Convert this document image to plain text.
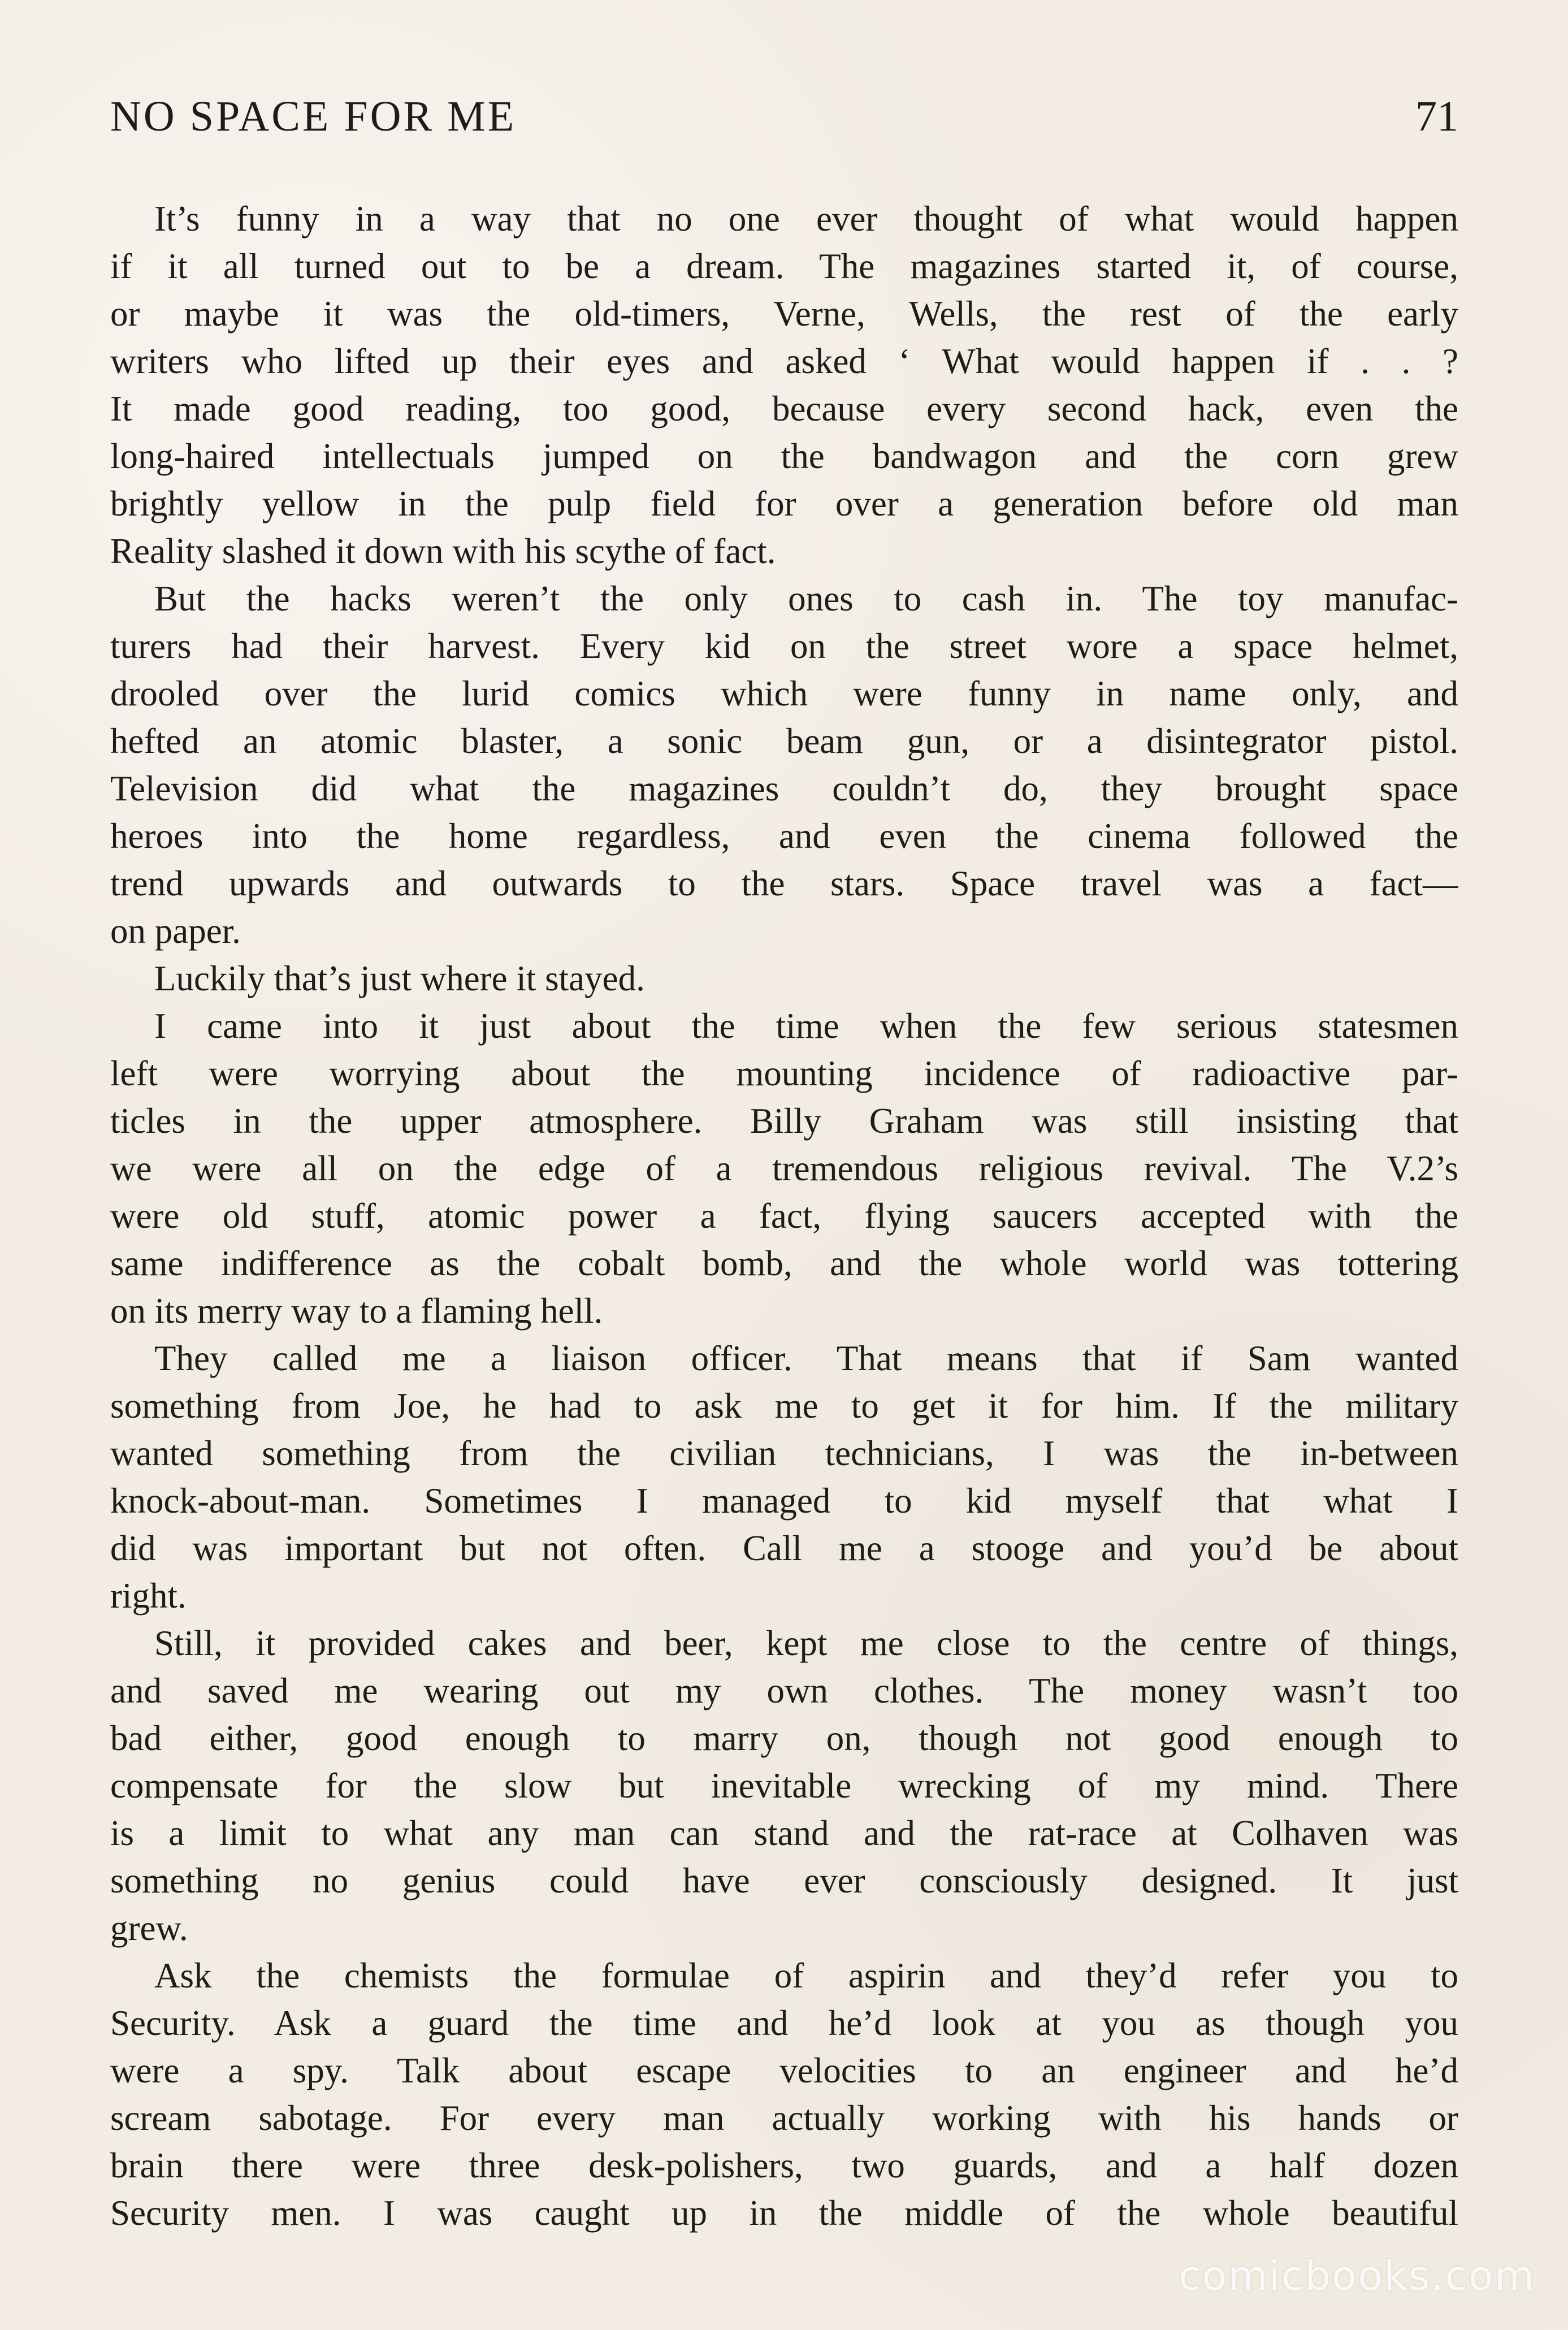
NO SPACE FOR ME	71
It’s funny in a way that no one ever thought of what would happen
if it all turned out to be a dream. The magazines started it, of course,
or maybe it was the old-timers, Verne, Wells, the rest of the early
writers who lifted up their eyes and asked ‘ What would happen if . . ?
It made good reading, too good, because every second hack, even the
long-haired intellectuals jumped on the bandwagon and the corn grew
brightly yellow in the pulp field for over a generation before old man
Reality slashed it down with his scythe of fact.
But the hacks weren’t the only ones to cash in. The toy manufac-
turers had their harvest. Every kid on the street wore a space helmet,
drooled over the lurid comics which were funny in name only, and
hefted an atomic blaster, a sonic beam gun, or a disintegrator pistol.
Television did what the magazines couldn’t do, they brought space
heroes into the home regardless, and even the cinema followed the
trend upwards and outwards to the stars. Space travel was a fact—
on paper.
Luckily that’s just where it stayed.
I came into it just about the time when the few serious statesmen
left were worrying about the mounting incidence of radioactive par-
ticles in the upper atmosphere. Billy Graham was still insisting that
we were all on the edge of a tremendous religious revival. The V.2’s
were old stuff, atomic power a fact, flying saucers accepted with the
same indifference as the cobalt bomb, and the whole world was tottering
on its merry way to a flaming hell.
They called me a liaison officer. That means that if Sam wanted
something from Joe, he had to ask me to get it for him. If the military
wanted something from the civilian technicians, I was the in-between
knock-about-man. Sometimes I managed to kid myself that what I
did was important but not often. Call me a stooge and you’d be about
right.
Still, it provided cakes and beer, kept me close to the centre of things,
and saved me wearing out my own clothes. The money wasn’t too
bad either, good enough to marry on, though not good enough to
compensate for the slow but inevitable wrecking of my mind. There
is a limit to what any man can stand and the rat-race at Colhaven was
something no genius could have ever consciously designed. It just
grew.
Ask the chemists the formulae of aspirin and they’d refer you to
Security. Ask a guard the time and he’d look at you as though you
were a spy. Talk about escape velocities to an engineer and he’d
scream sabotage. For every man actually working with his hands or
brain there were three desk-polishers, two guards, and a half dozen
Security men. I was caught up in the middle of the whole beautiful
comicbooks.com
